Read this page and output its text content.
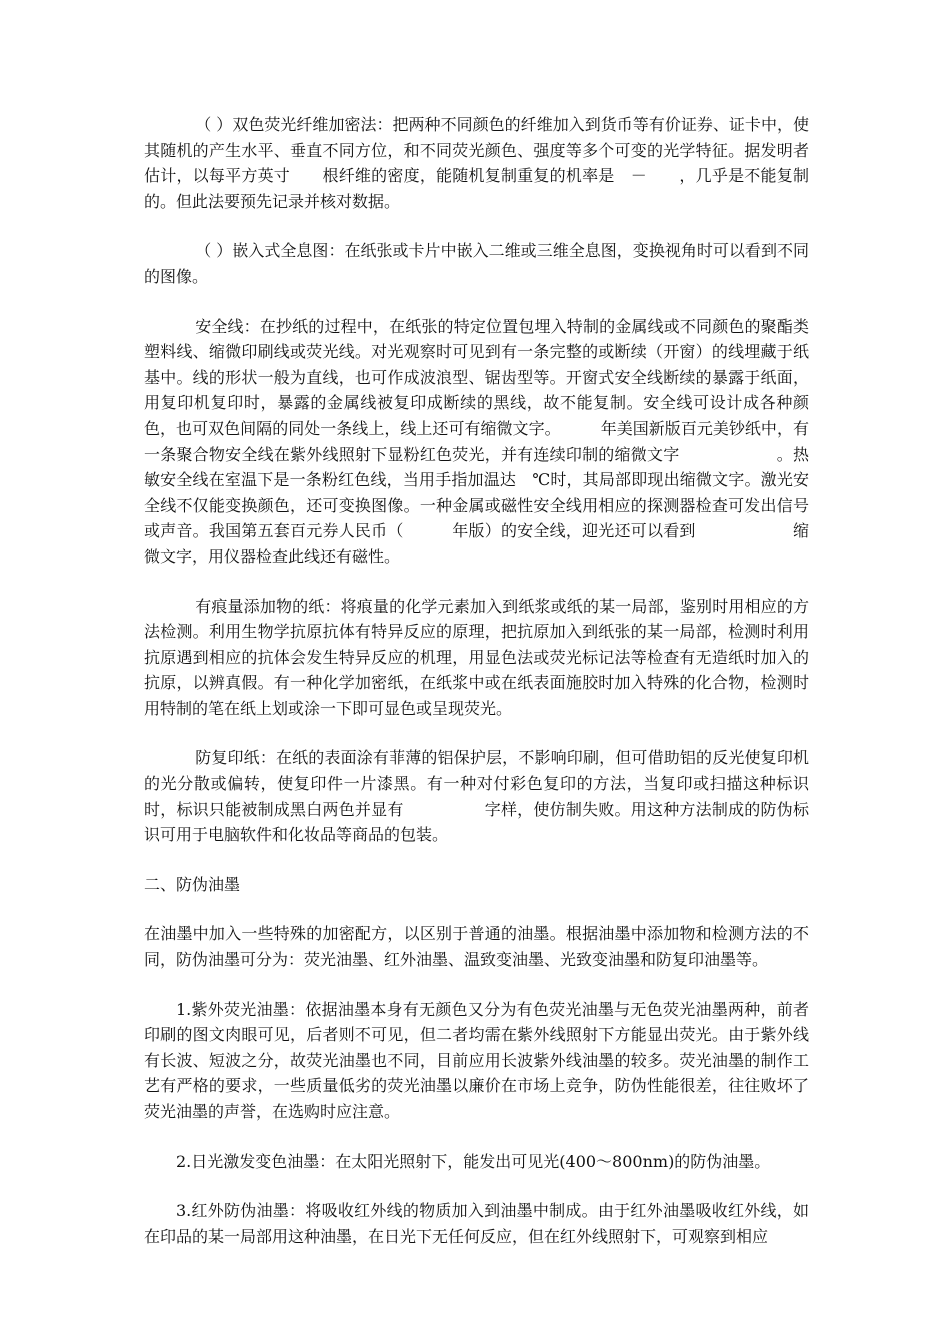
（ ）双色荧光纤维加密法：把两种不同颜色的纤维加入到货币等有价证券、证卡中，使其随机的产生水平、垂直不同方位，和不同荧光颜色、强度等多个可变的光学特征。据发明者估计，以每平方英寸　　根纤维的密度，能随机复制重复的机率是　－　　，几乎是不能复制的。但此法要预先记录并核对数据。

（ ）嵌入式全息图：在纸张或卡片中嵌入二维或三维全息图，变换视角时可以看到不同的图像。

安全线：在抄纸的过程中，在纸张的特定位置包埋入特制的金属线或不同颜色的聚酯类塑料线、缩微印刷线或荧光线。对光观察时可见到有一条完整的或断续（开窗）的线埋藏于纸基中。线的形状一般为直线，也可作成波浪型、锯齿型等。开窗式安全线断续的暴露于纸面，用复印机复印时，暴露的金属线被复印成断续的黑线，故不能复制。安全线可设计成各种颜色，也可双色间隔的同处一条线上，线上还可有缩微文字。　　　年美国新版百元美钞纸中，有一条聚合物安全线在紫外线照射下显粉红色荧光，并有连续印制的缩微文字　　　　　　。热敏安全线在室温下是一条粉红色线，当用手指加温达　℃时，其局部即现出缩微文字。激光安全线不仅能变换颜色，还可变换图像。一种金属或磁性安全线用相应的探测器检查可发出信号或声音。我国第五套百元券人民币（　　　年版）的安全线，迎光还可以看到　　　　　　缩微文字，用仪器检查此线还有磁性。

有痕量添加物的纸：将痕量的化学元素加入到纸浆或纸的某一局部，鉴别时用相应的方法检测。利用生物学抗原抗体有特异反应的原理，把抗原加入到纸张的某一局部，检测时利用抗原遇到相应的抗体会发生特异反应的机理，用显色法或荧光标记法等检查有无造纸时加入的抗原，以辨真假。有一种化学加密纸，在纸浆中或在纸表面施胶时加入特殊的化合物，检测时用特制的笔在纸上划或涂一下即可显色或呈现荧光。

防复印纸：在纸的表面涂有菲薄的铝保护层，不影响印刷，但可借助铝的反光使复印机的光分散或偏转，使复印件一片漆黑。有一种对付彩色复印的方法，当复印或扫描这种标识时，标识只能被制成黑白两色并显有　　　　　字样，使仿制失败。用这种方法制成的防伪标识可用于电脑软件和化妆品等商品的包装。

二、防伪油墨

在油墨中加入一些特殊的加密配方，以区别于普通的油墨。根据油墨中添加物和检测方法的不同，防伪油墨可分为：荧光油墨、红外油墨、温致变油墨、光致变油墨和防复印油墨等。

1.紫外荧光油墨：依据油墨本身有无颜色又分为有色荧光油墨与无色荧光油墨两种，前者印刷的图文肉眼可见，后者则不可见，但二者均需在紫外线照射下方能显出荧光。由于紫外线有长波、短波之分，故荧光油墨也不同，目前应用长波紫外线油墨的较多。荧光油墨的制作工艺有严格的要求，一些质量低劣的荧光油墨以廉价在市场上竞争，防伪性能很差，往往败坏了荧光油墨的声誉，在选购时应注意。

2.日光激发变色油墨：在太阳光照射下，能发出可见光(400～800nm)的防伪油墨。

3.红外防伪油墨：将吸收红外线的物质加入到油墨中制成。由于红外油墨吸收红外线，如在印品的某一局部用这种油墨，在日光下无任何反应，但在红外线照射下，可观察到相应
